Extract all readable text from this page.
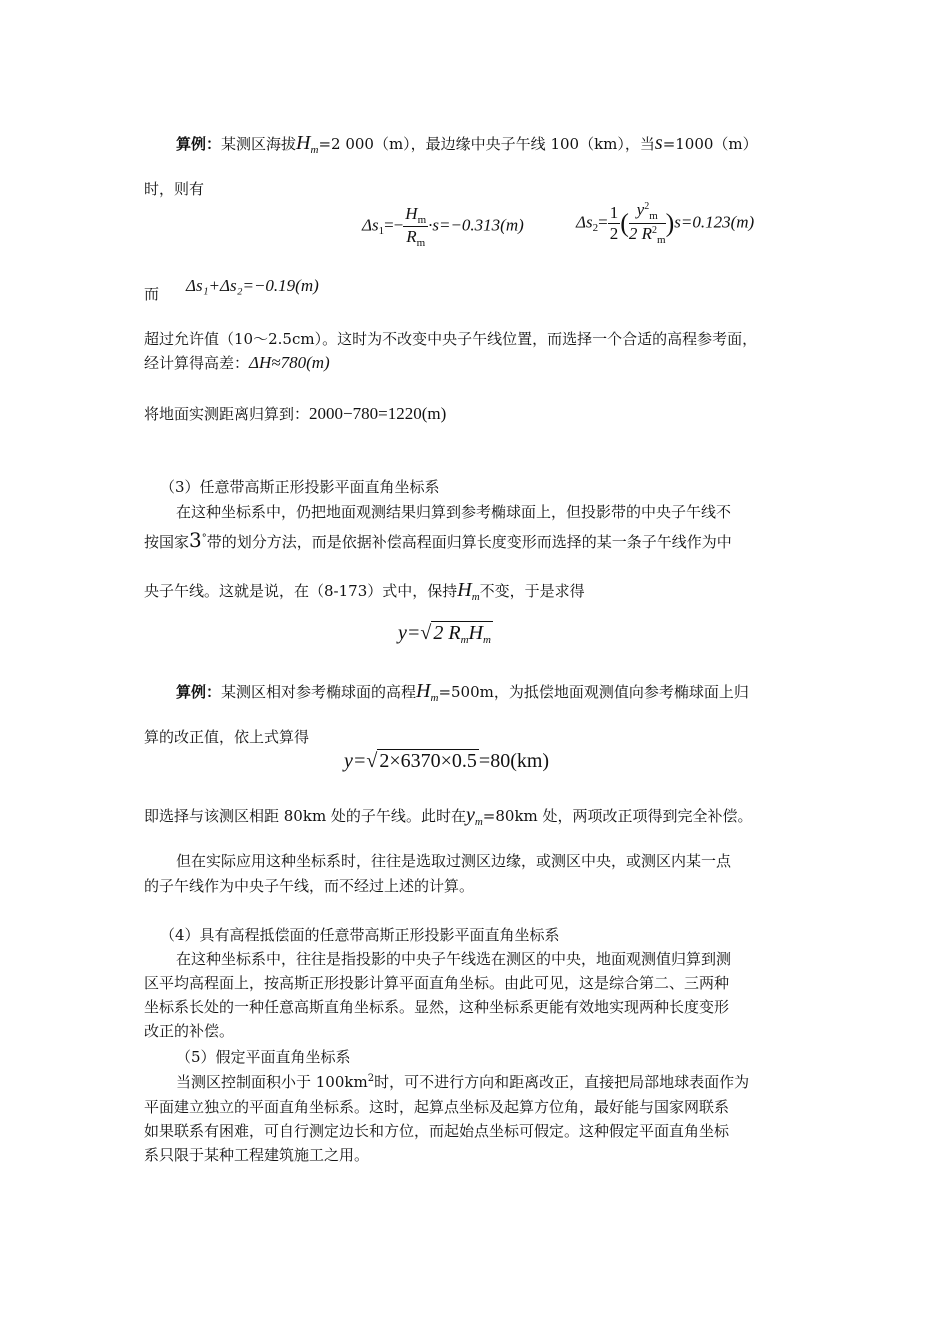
算例：某测区海拔$H_m=2$ 000（m），最边缘中央子午线 100（km），当s=1000（m）
时，则有
$\Delta s_1=- \frac{H_m}{R_m} \cdot s=-0.313(m)$	$\Delta s_2= \frac{1}{2}$ ( $\frac{y^2_m}{2 R^2_m} )s=0.123(m)$
而 Δs₁+Δs₂=−0.19(m)
超过允许值（10～2.5cm）。这时为不改变中央子午线位置，而选择一个合适的高程参考面，
经计算得高差：ΔH≈780(m)
将地面实测距离归算到：2000−780=1220(m)
（3）任意带高斯正形投影平面直角坐标系
在这种坐标系中，仍把地面观测结果归算到参考椭球面上，但投影带的中央子午线不
按国家3°带的划分方法，而是依据补偿高程面归算长度变形而选择的某一条子午线作为中
央子午线。这就是说，在（8-173）式中，保持$H_m$不变，于是求得
y=√ 2 $R_mH_m$
算例：某测区相对参考椭球面的高程$H_m=500m$，为抵偿地面观测值向参考椭球面上归
算的改正值，依上式算得
y=√ 2×6370×0.5 =80(km)
即选择与该测区相距 80km 处的子午线。此时在$y_m=80km$ 处，两项改正项得到完全补偿。
但在实际应用这种坐标系时，往往是选取过测区边缘，或测区中央，或测区内某一点
的子午线作为中央子午线，而不经过上述的计算。
（4）具有高程抵偿面的任意带高斯正形投影平面直角坐标系
在这种坐标系中，往往是指投影的中央子午线选在测区的中央，地面观测值归算到测
区平均高程面上，按高斯正形投影计算平面直角坐标。由此可见，这是综合第二、三两种
坐标系长处的一种任意高斯直角坐标系。显然，这种坐标系更能有效地实现两种长度变形
改正的补偿。
（5）假定平面直角坐标系
当测区控制面积小于 $100km^2$时，可不进行方向和距离改正，直接把局部地球表面作为
平面建立独立的平面直角坐标系。这时，起算点坐标及起算方位角，最好能与国家网联系
如果联系有困难，可自行测定边长和方位，而起始点坐标可假定。这种假定平面直角坐标
系只限于某种工程建筑施工之用。
